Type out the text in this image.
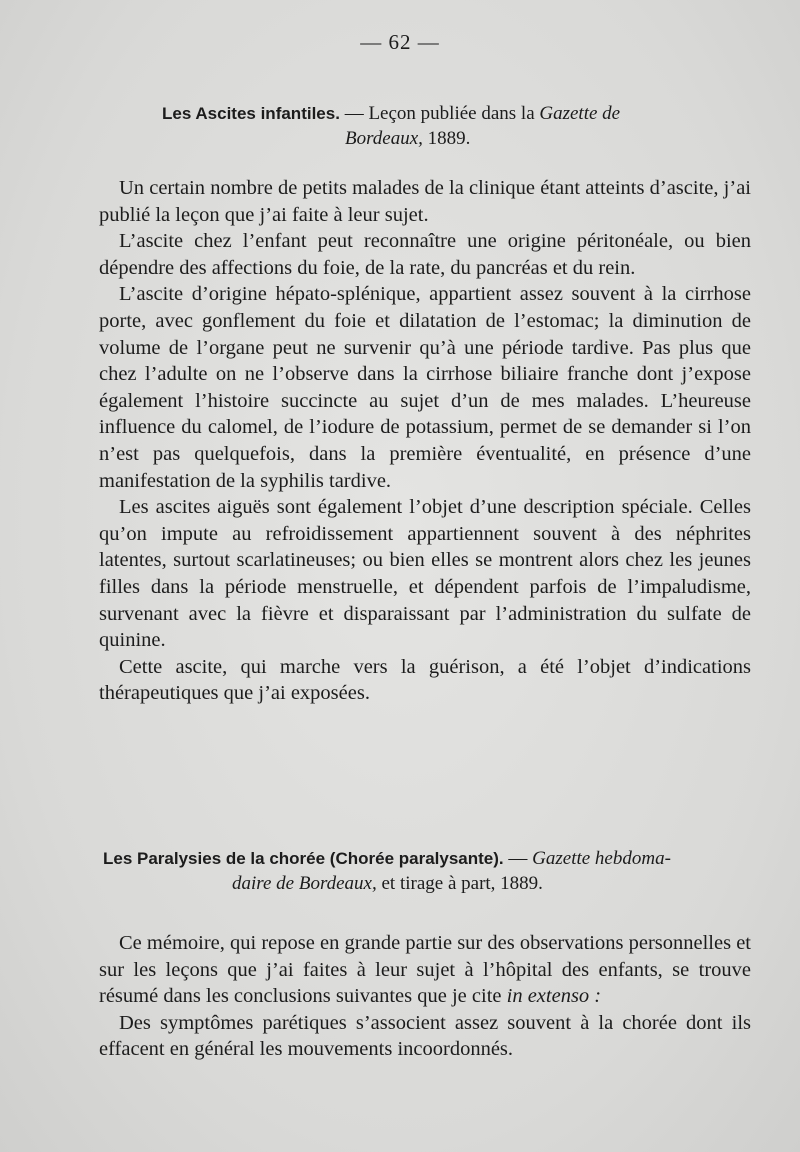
— 62 —
Les Ascites infantiles. — Leçon publiée dans la Gazette de
Bordeaux, 1889.

Un certain nombre de petits malades de la clinique étant atteints d’ascite, j’ai publié la leçon que j’ai faite à leur sujet.

L’ascite chez l’enfant peut reconnaître une origine péritonéale, ou bien dépendre des affections du foie, de la rate, du pancréas et du rein.

L’ascite d’origine hépato-splénique, appartient assez souvent à la cirrhose porte, avec gonflement du foie et dilatation de l’estomac; la diminution de volume de l’organe peut ne survenir qu’à une période tardive. Pas plus que chez l’adulte on ne l’observe dans la cirrhose biliaire franche dont j’expose également l’histoire succincte au sujet d’un de mes malades. L’heureuse influence du calomel, de l’iodure de potassium, permet de se demander si l’on n’est pas quelquefois, dans la première éventualité, en présence d’une manifestation de la syphilis tardive.

Les ascites aiguës sont également l’objet d’une description spéciale. Celles qu’on impute au refroidissement appartiennent souvent à des néphrites latentes, surtout scarlatineuses; ou bien elles se montrent alors chez les jeunes filles dans la période menstruelle, et dépendent parfois de l’impaludisme, survenant avec la fièvre et disparaissant par l’administration du sulfate de quinine.

Cette ascite, qui marche vers la guérison, a été l’objet d’indications thérapeutiques que j’ai exposées.

Les Paralysies de la chorée (Chorée paralysante). — Gazette hebdoma-
daire de Bordeaux, et tirage à part, 1889.

Ce mémoire, qui repose en grande partie sur des observations personnelles et sur les leçons que j’ai faites à leur sujet à l’hôpital des enfants, se trouve résumé dans les conclusions suivantes que je cite in extenso :

Des symptômes parétiques s’associent assez souvent à la chorée dont ils effacent en général les mouvements incoordonnés.
